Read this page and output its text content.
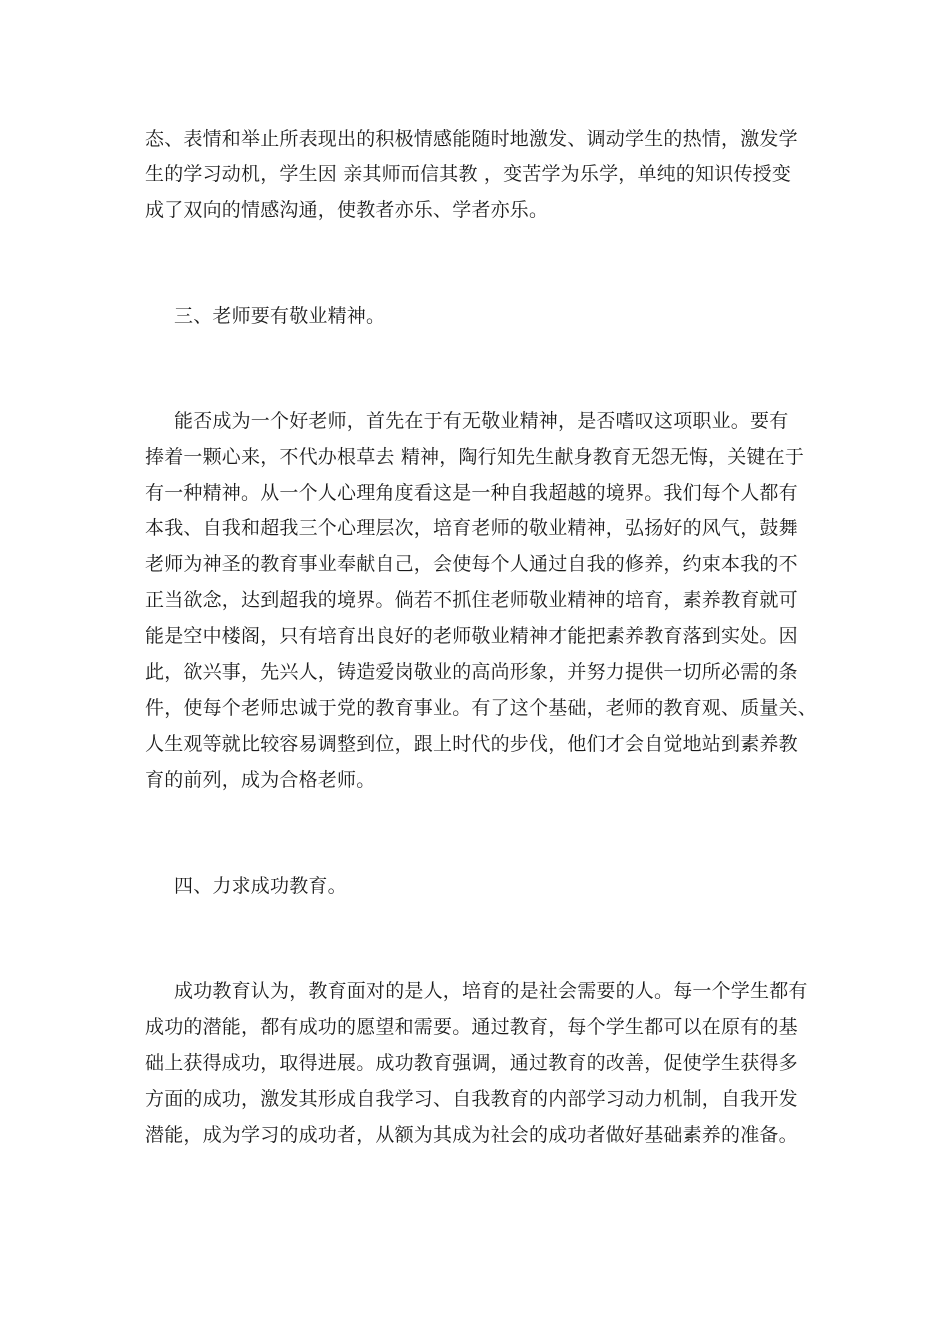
态、表情和举止所表现出的积极情感能随时地激发、调动学生的热情，激发学
生的学习动机，学生因 亲其师而信其教 ，变苦学为乐学，单纯的知识传授变
成了双向的情感沟通，使教者亦乐、学者亦乐。
三、老师要有敬业精神。
能否成为一个好老师，首先在于有无敬业精神，是否嗜叹这项职业。要有
捧着一颗心来，不代办根草去 精神，陶行知先生献身教育无怨无悔，关键在于
有一种精神。从一个人心理角度看这是一种自我超越的境界。我们每个人都有
本我、自我和超我三个心理层次，培育老师的敬业精神，弘扬好的风气，鼓舞
老师为神圣的教育事业奉献自己，会使每个人通过自我的修养，约束本我的不
正当欲念，达到超我的境界。倘若不抓住老师敬业精神的培育，素养教育就可
能是空中楼阁，只有培育出良好的老师敬业精神才能把素养教育落到实处。因
此，欲兴事，先兴人，铸造爱岗敬业的高尚形象，并努力提供一切所必需的条
件，使每个老师忠诚于党的教育事业。有了这个基础，老师的教育观、质量关、
人生观等就比较容易调整到位，跟上时代的步伐，他们才会自觉地站到素养教
育的前列，成为合格老师。
四、力求成功教育。
成功教育认为，教育面对的是人，培育的是社会需要的人。每一个学生都有
成功的潜能，都有成功的愿望和需要。通过教育，每个学生都可以在原有的基
础上获得成功，取得进展。成功教育强调，通过教育的改善，促使学生获得多
方面的成功，激发其形成自我学习、自我教育的内部学习动力机制，自我开发
潜能，成为学习的成功者，从额为其成为社会的成功者做好基础素养的准备。
